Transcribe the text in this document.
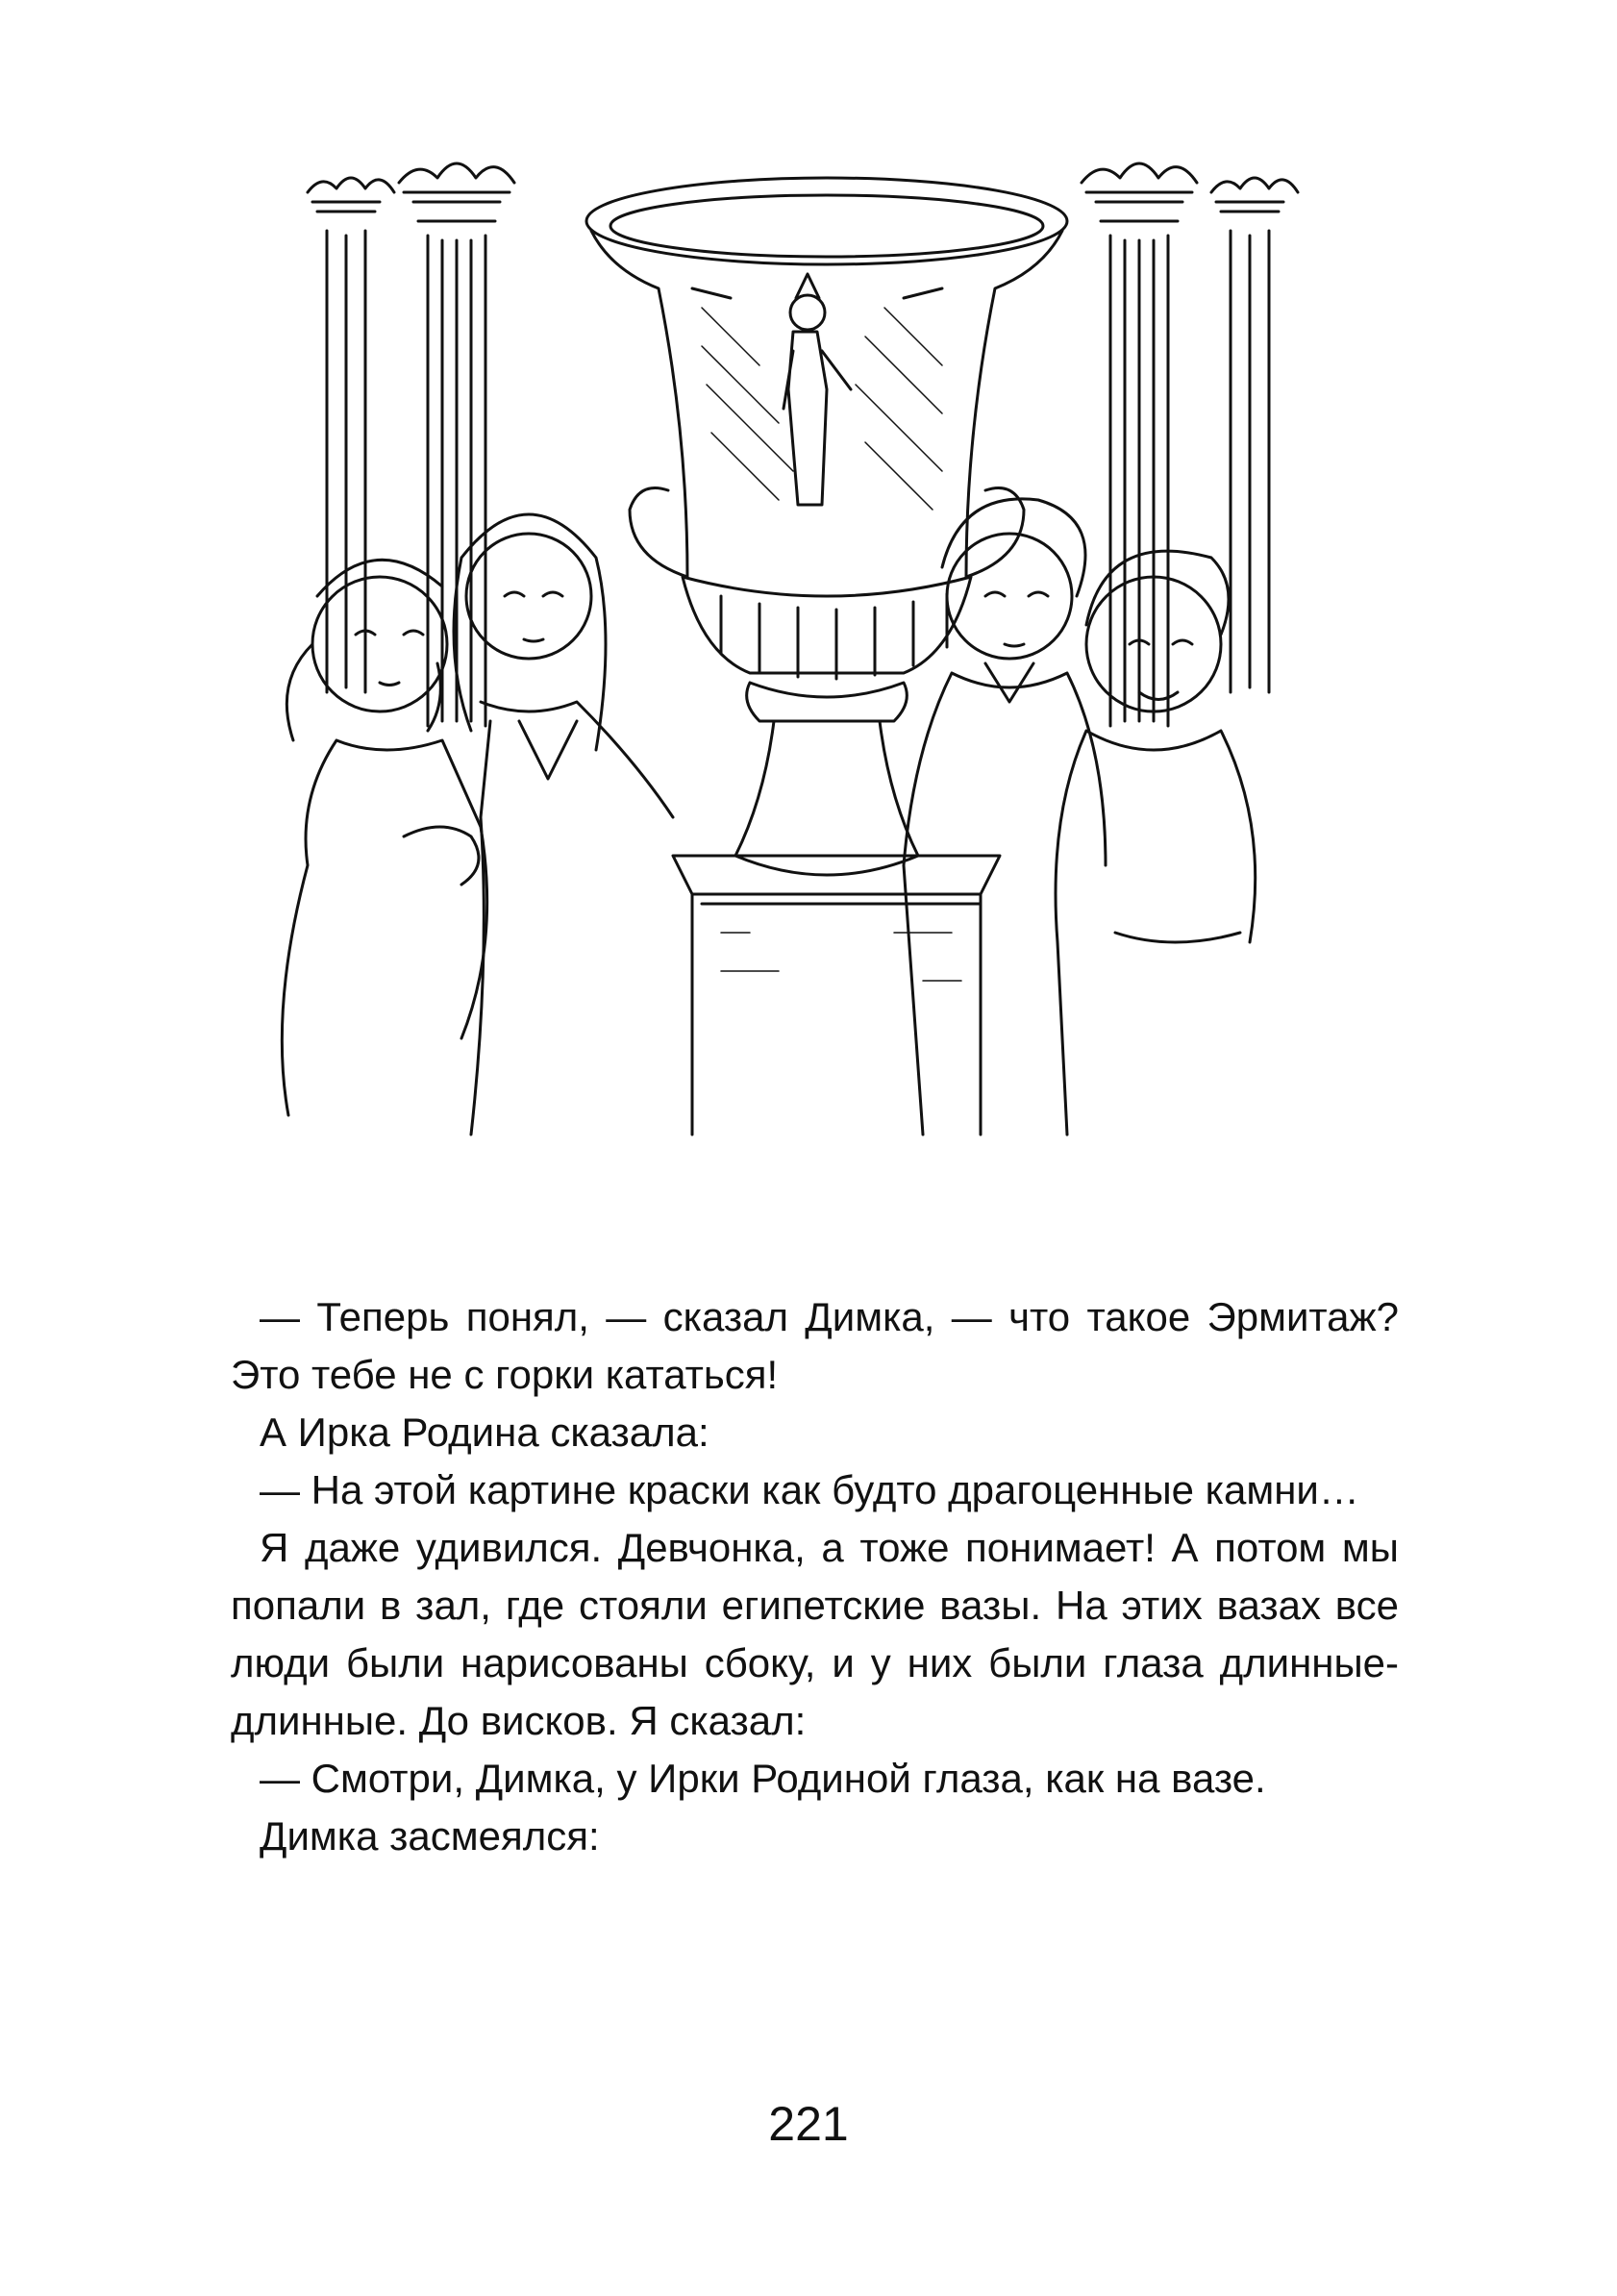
— Теперь понял, — сказал Димка, — что такое Эрмитаж? Это тебе не с горки кататься!

А Ирка Родина сказала:

— На этой картине краски как будто драгоценные камни…

Я даже удивился. Девчонка, а тоже понимает! А потом мы попали в зал, где стояли египетские вазы. На этих вазах все люди были нарисованы сбоку, и у них были глаза длинные-длинные. До висков. Я сказал:

— Смотри, Димка, у Ирки Родиной глаза, как на вазе.

Димка засмеялся:

221
